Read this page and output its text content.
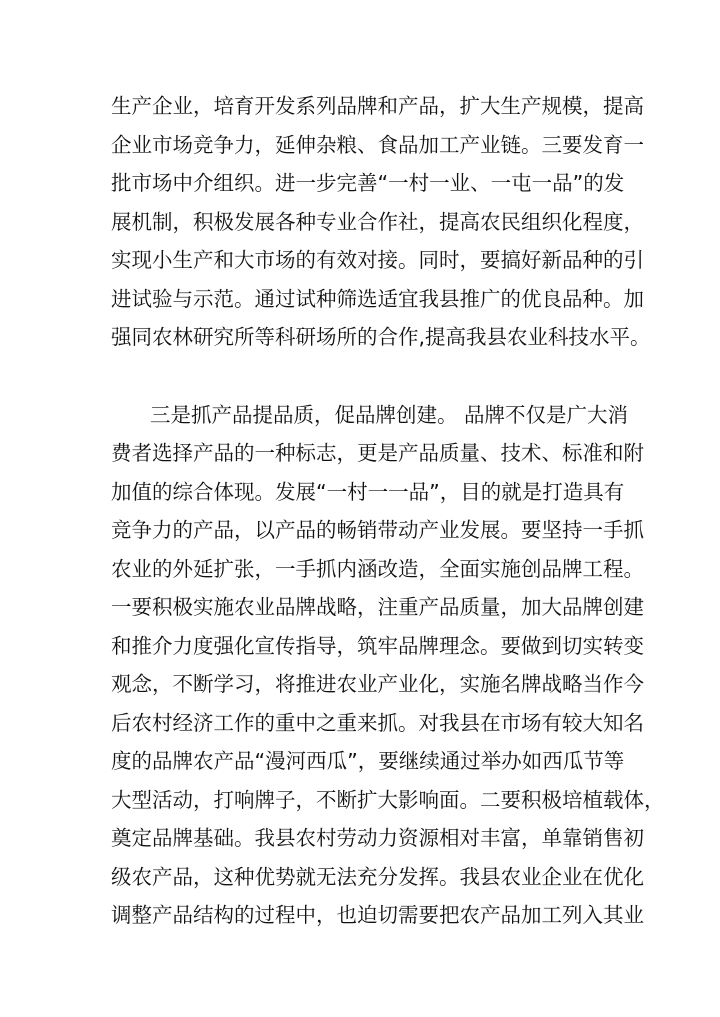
生产企业，培育开发系列品牌和产品，扩大生产规模，提高
企业市场竞争力，延伸杂粮、食品加工产业链。三要发育一
批市场中介组织。进一步完善“一村一业、一屯一品”的发
展机制，积极发展各种专业合作社，提高农民组织化程度，
实现小生产和大市场的有效对接。同时，要搞好新品种的引
进试验与示范。通过试种筛选适宜我县推广的优良品种。加
强同农林研究所等科研场所的合作,提高我县农业科技水平。
三是抓产品提品质，促品牌创建。 品牌不仅是广大消
费者选择产品的一种标志，更是产品质量、技术、标准和附
加值的综合体现。发展“一村一一品”，目的就是打造具有
竞争力的产品，以产品的畅销带动产业发展。要坚持一手抓
农业的外延扩张，一手抓内涵改造，全面实施创品牌工程。
一要积极实施农业品牌战略，注重产品质量，加大品牌创建
和推介力度强化宣传指导，筑牢品牌理念。要做到切实转变
观念，不断学习，将推进农业产业化，实施名牌战略当作今
后农村经济工作的重中之重来抓。对我县在市场有较大知名
度的品牌农产品“漫河西瓜”，要继续通过举办如西瓜节等
大型活动，打响牌子，不断扩大影响面。二要积极培植载体，
奠定品牌基础。我县农村劳动力资源相对丰富，单靠销售初
级农产品，这种优势就无法充分发挥。我县农业企业在优化
调整产品结构的过程中，也迫切需要把农产品加工列入其业
